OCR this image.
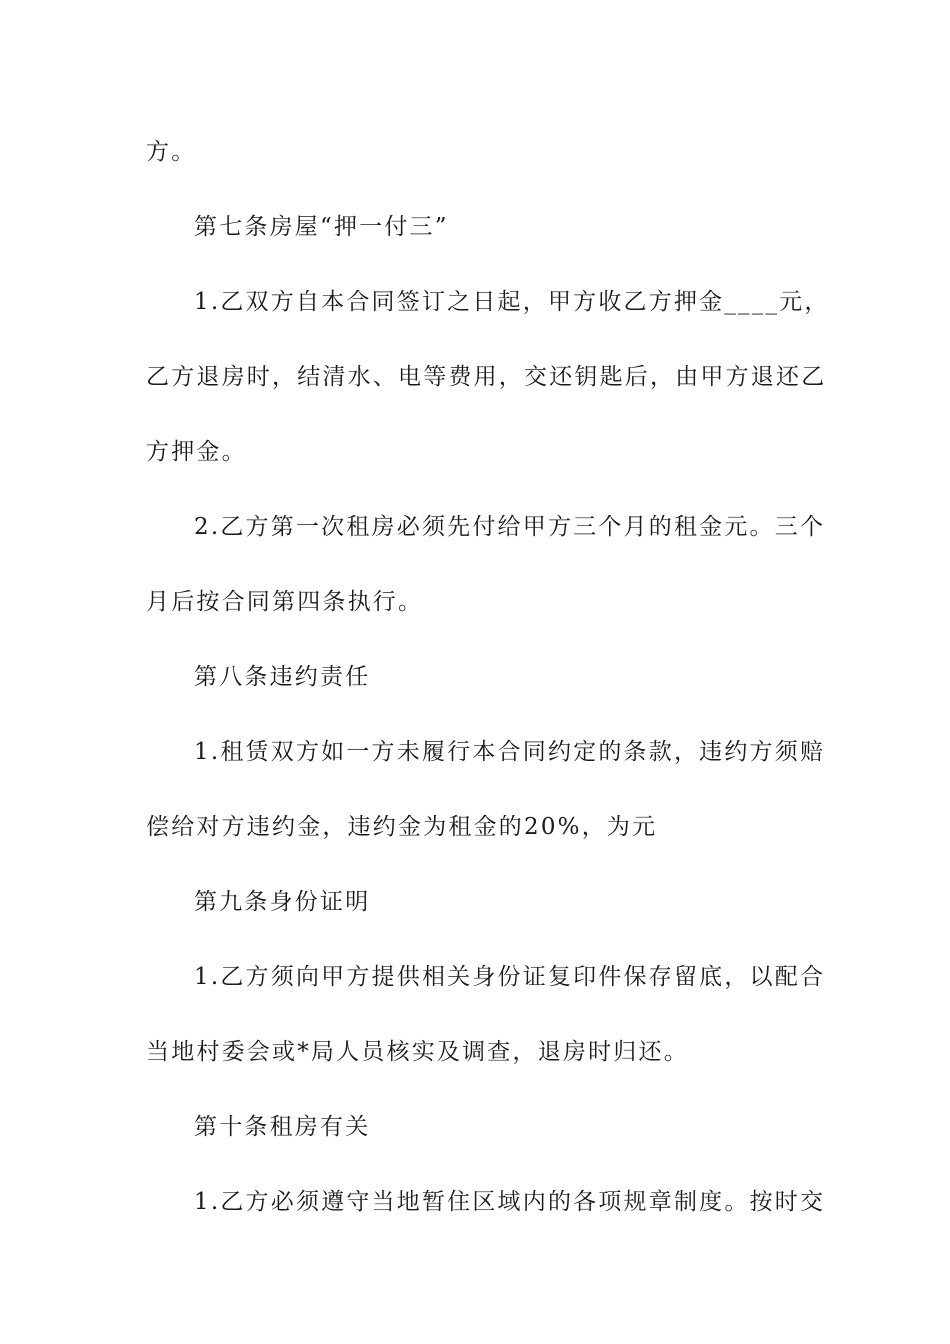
方。
第七条房屋“押一付三”
1.乙双方自本合同签订之日起，甲方收乙方押金____元，
乙方退房时，结清水、电等费用，交还钥匙后，由甲方退还乙
方押金。
2.乙方第一次租房必须先付给甲方三个月的租金元。三个
月后按合同第四条执行。
第八条违约责任
1.租赁双方如一方未履行本合同约定的条款，违约方须赔
偿给对方违约金，违约金为租金的20%，为元
第九条身份证明
1.乙方须向甲方提供相关身份证复印件保存留底，以配合
当地村委会或*局人员核实及调查，退房时归还。
第十条租房有关
1.乙方必须遵守当地暂住区域内的各项规章制度。按时交
